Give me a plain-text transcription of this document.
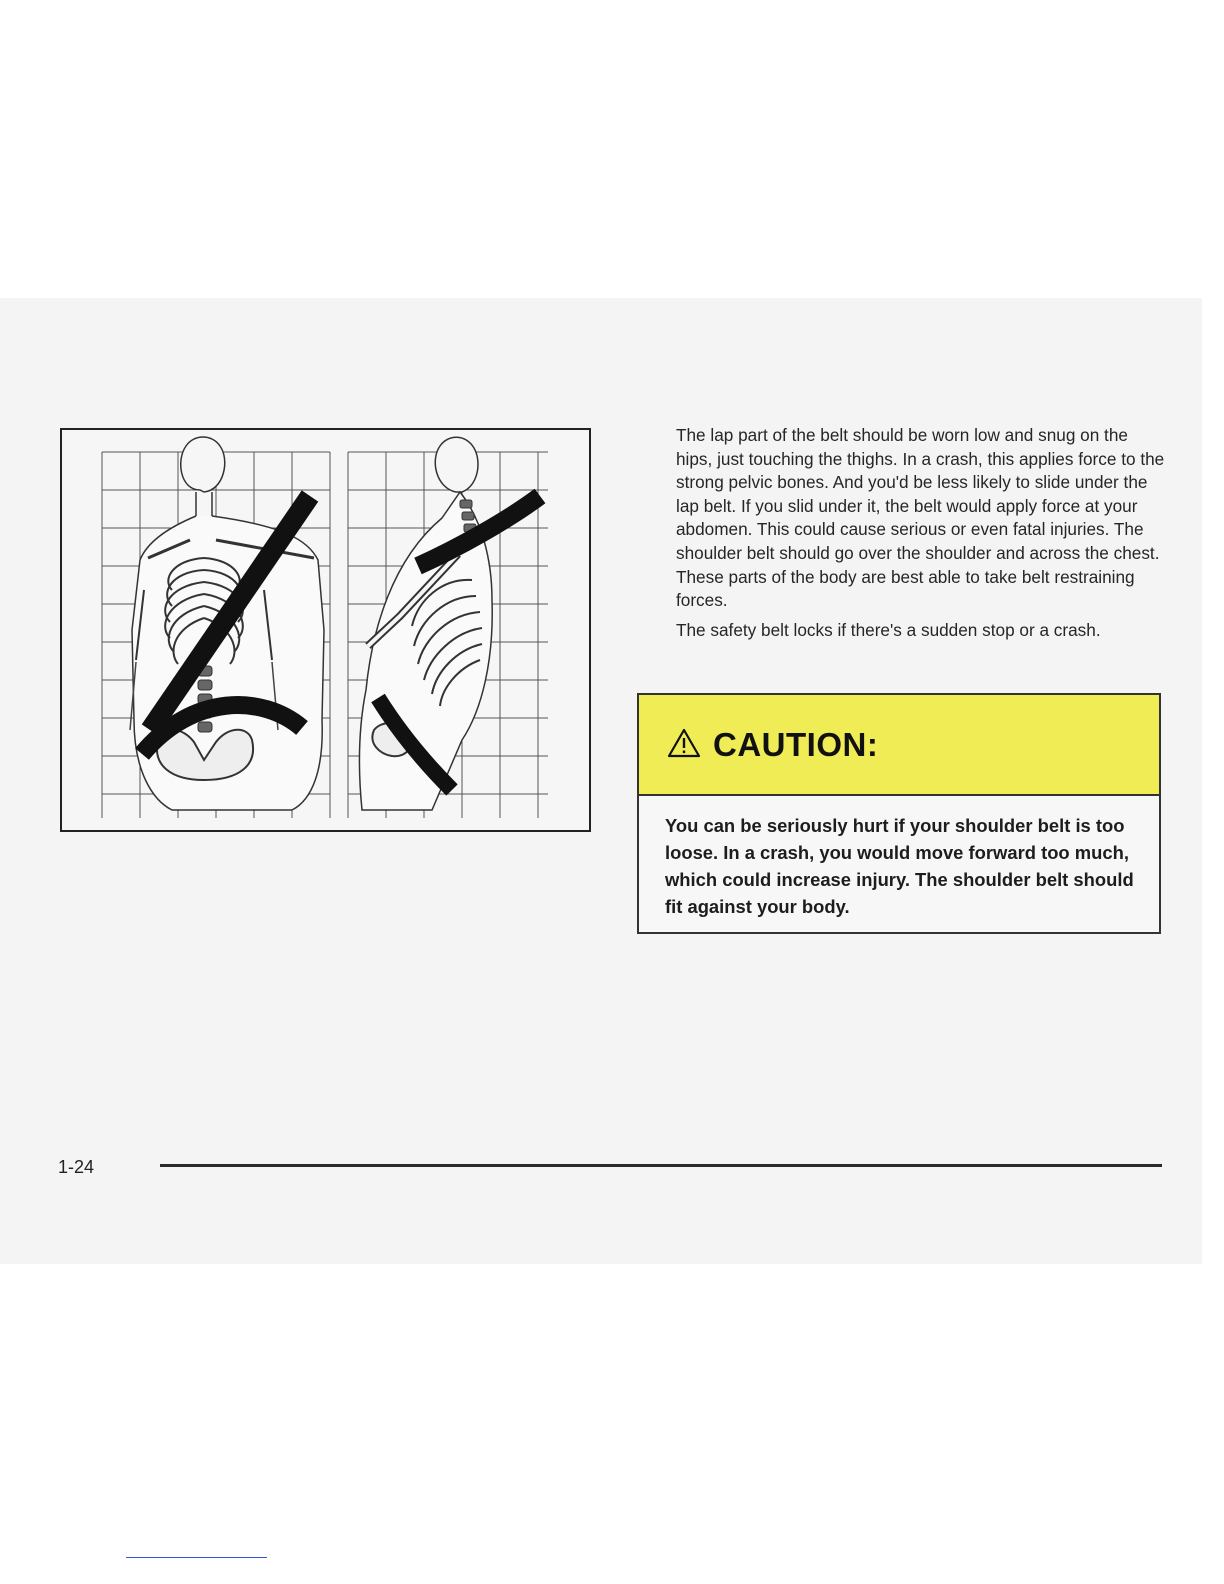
The lap part of the belt should be worn low and snug on the hips, just touching the thighs. In a crash, this applies force to the strong pelvic bones. And you'd be less likely to slide under the lap belt. If you slid under it, the belt would apply force at your abdomen. This could cause serious or even fatal injuries. The shoulder belt should go over the shoulder and across the chest. These parts of the body are best able to take belt restraining forces.

The safety belt locks if there's a sudden stop or a crash.

CAUTION:
You can be seriously hurt if your shoulder belt is too loose. In a crash, you would move forward too much, which could increase injury. The shoulder belt should fit against your body.
1-24
